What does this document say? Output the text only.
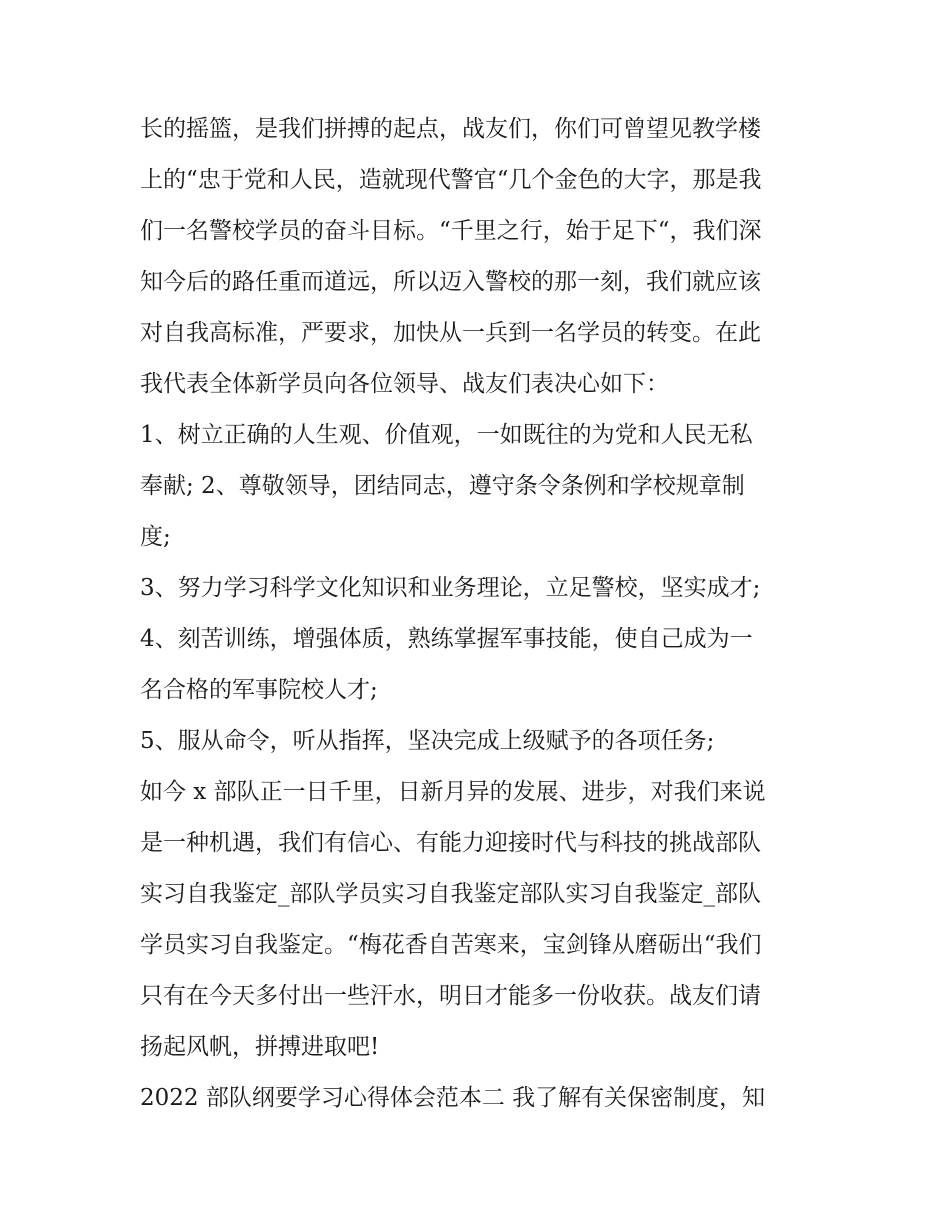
长的摇篮，是我们拼搏的起点，战友们，你们可曾望见教学楼
上的“忠于党和人民，造就现代警官“几个金色的大字，那是我
们一名警校学员的奋斗目标。“千里之行，始于足下“，我们深
知今后的路任重而道远，所以迈入警校的那一刻，我们就应该
对自我高标准，严要求，加快从一兵到一名学员的转变。在此
我代表全体新学员向各位领导、战友们表决心如下：
1、树立正确的人生观、价值观，一如既往的为党和人民无私
奉献; 2、尊敬领导，团结同志，遵守条令条例和学校规章制
度;
3、努力学习科学文化知识和业务理论，立足警校，坚实成才;
4、刻苦训练，增强体质，熟练掌握军事技能，使自己成为一
名合格的军事院校人才;
5、服从命令，听从指挥，坚决完成上级赋予的各项任务;
如今 x 部队正一日千里，日新月异的发展、进步，对我们来说
是一种机遇，我们有信心、有能力迎接时代与科技的挑战部队
实习自我鉴定_部队学员实习自我鉴定部队实习自我鉴定_部队
学员实习自我鉴定。“梅花香自苦寒来，宝剑锋从磨砺出“我们
只有在今天多付出一些汗水，明日才能多一份收获。战友们请
扬起风帆，拼搏进取吧!
2022 部队纲要学习心得体会范本二 我了解有关保密制度，知
